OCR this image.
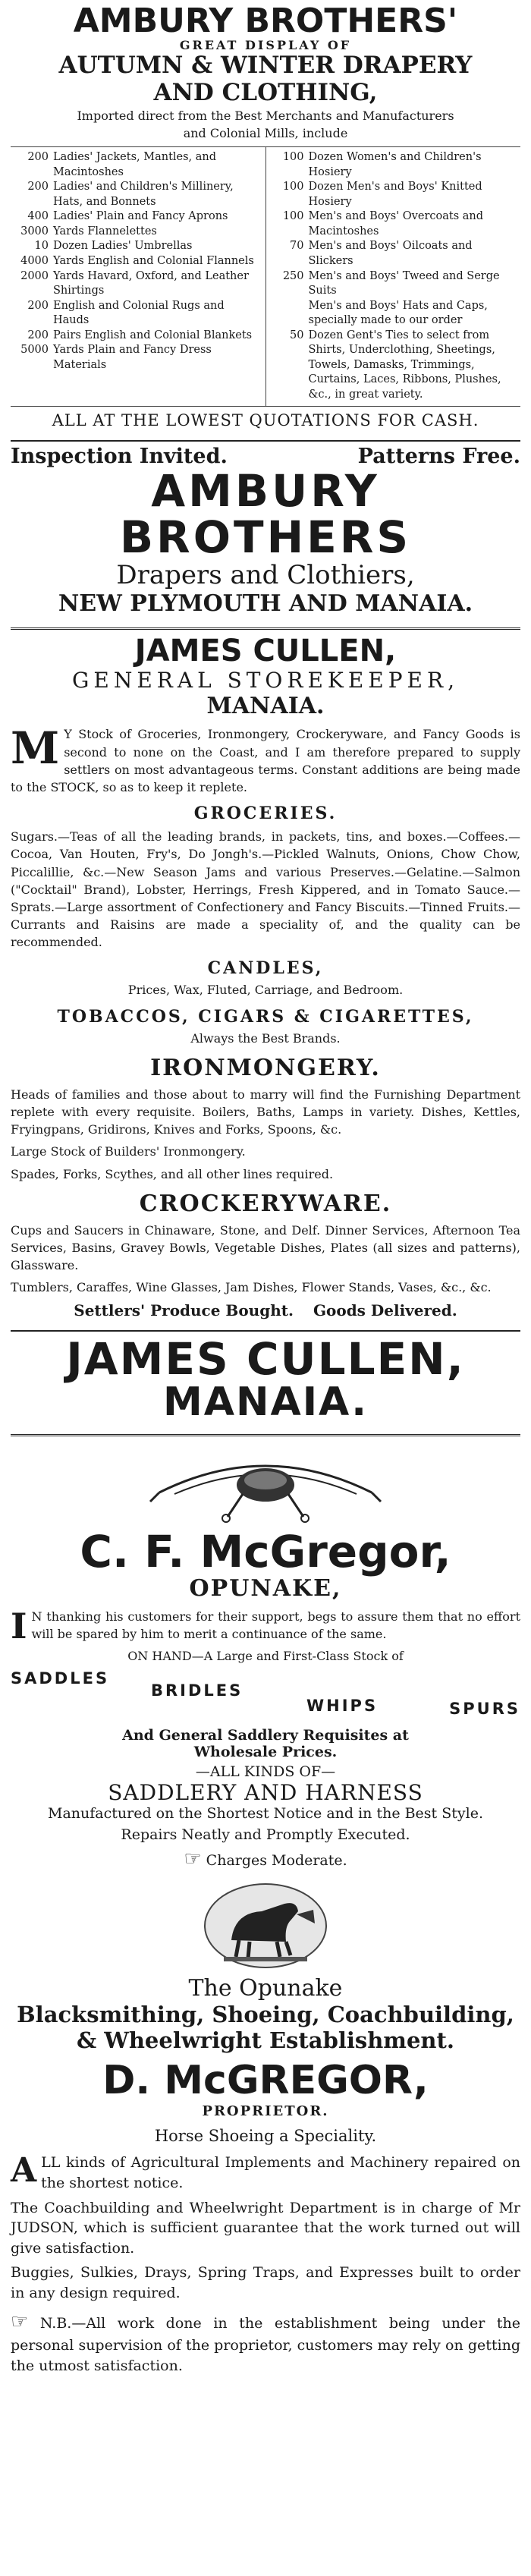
AMBURY BROTHERS'
GREAT DISPLAY OF
AUTUMN & WINTER DRAPERY
AND CLOTHING,
Imported direct from the Best Merchants and Manufacturers
and Colonial Mills, include
200 Ladies' Jackets, Mantles, and Macintoshes
200 Ladies' and Children's Millinery, Hats, and Bonnets
400 Ladies' Plain and Fancy Aprons
3000 Yards Flannelettes
10 Dozen Ladies' Umbrellas
4000 Yards English and Colonial Flannels
2000 Yards Havard, Oxford, and Leather Shirtings
200 English and Colonial Rugs and Hauds
200 Pairs English and Colonial Blankets
5000 Yards Plain and Fancy Dress Materials
100 Dozen Women's and Children's Hosiery
100 Dozen Men's and Boys' Knitted Hosiery
100 Men's and Boys' Overcoats and Macintoshes
70 Men's and Boys' Oilcoats and Slickers
250 Men's and Boys' Tweed and Serge Suits
Men's and Boys' Hats and Caps, specially made to our order
50 Dozen Gent's Ties to select from Shirts, Underclothing, Sheetings, Towels, Damasks, Trimmings, Curtains, Laces, Ribbons, Plushes, &c., in great variety.
ALL AT THE LOWEST QUOTATIONS FOR CASH.
Inspection Invited.	Patterns Free.
AMBURY BROTHERS
Drapers and Clothiers,
NEW PLYMOUTH AND MANAIA.
JAMES CULLEN,
GENERAL STOREKEEPER,
MANAIA.

M Y Stock of Groceries, Ironmongery, Crockeryware, and Fancy Goods is second to none on the Coast, and I am therefore prepared to supply settlers on most advantageous terms. Constant additions are being made to the STOCK, so as to keep it replete.

GROCERIES.

Sugars.—Teas of all the leading brands, in packets, tins, and boxes.—Coffees.—Cocoa, Van Houten, Fry's, Do Jongh's.—Pickled Walnuts, Onions, Chow Chow, Piccalillie, &c.—New Season Jams and various Preserves.—Gelatine.—Salmon ("Cocktail" Brand), Lobster, Herrings, Fresh Kippered, and in Tomato Sauce.—Sprats.—Large assortment of Confectionery and Fancy Biscuits.—Tinned Fruits.—Currants and Raisins are made a speciality of, and the quality can be recommended.

CANDLES,
Prices, Wax, Fluted, Carriage, and Bedroom.
TOBACCOS, CIGARS & CIGARETTES,
Always the Best Brands.
IRONMONGERY.

Heads of families and those about to marry will find the Furnishing Department replete with every requisite. Boilers, Baths, Lamps in variety. Dishes, Kettles, Fryingpans, Gridirons, Knives and Forks, Spoons, &c.

Large Stock of Builders' Ironmongery.

Spades, Forks, Scythes, and all other lines required.

CROCKERYWARE.

Cups and Saucers in Chinaware, Stone, and Delf. Dinner Services, Afternoon Tea Services, Basins, Gravey Bowls, Vegetable Dishes, Plates (all sizes and patterns), Glassware.

Tumblers, Caraffes, Wine Glasses, Jam Dishes, Flower Stands, Vases, &c., &c.

Settlers' Produce Bought. Goods Delivered.
JAMES CULLEN,
MANAIA.
C. F. McGregor,
OPUNAKE,

I N thanking his customers for their support, begs to assure them that no effort will be spared by him to merit a continuance of the same.

ON HAND—A Large and First-Class Stock of
SADDLES
BRIDLES
WHIPS	SPURS
And General Saddlery Requisites at
Wholesale Prices.
—ALL KINDS OF—
SADDLERY AND HARNESS
Manufactured on the Shortest Notice and in the Best Style.
Repairs Neatly and Promptly Executed.
☞ Charges Moderate.
The Opunake
Blacksmithing, Shoeing, Coachbuilding,
& Wheelwright Establishment.
D. McGREGOR,
PROPRIETOR.
Horse Shoeing a Speciality.

ALL kinds of Agricultural Implements and Machinery repaired on the shortest notice.

The Coachbuilding and Wheelwright Department is in charge of Mr JUDSON, which is sufficient guarantee that the work turned out will give satisfaction.

Buggies, Sulkies, Drays, Spring Traps, and Expresses built to order in any design required.

☞ N.B.—All work done in the establishment being under the personal supervision of the proprietor, customers may rely on getting the utmost satisfaction.
